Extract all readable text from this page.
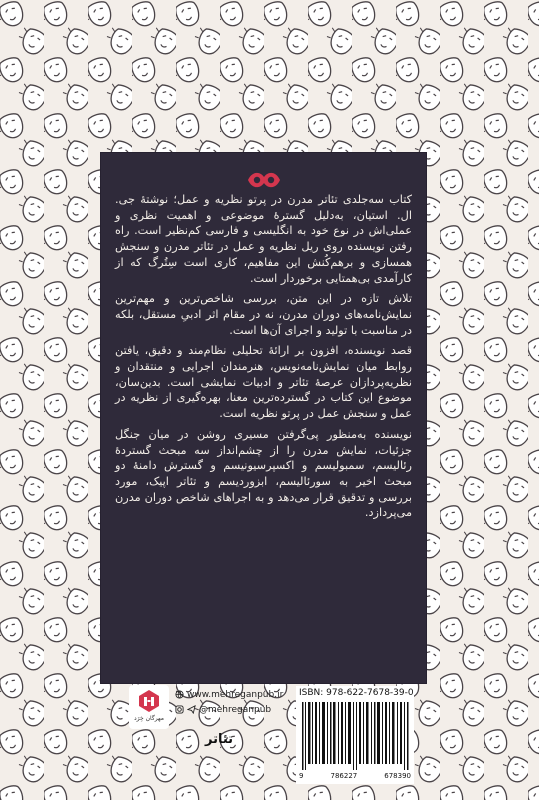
کتاب سه‌جلدی تئاتر مدرن در پرتو نظریه و عمل؛ نوشتهٔ جی. ال. استیان، به‌دلیل گسترهٔ موضوعی و اهمیت نظری و عملی‌اش در نوع خود به انگلیسی و فارسی کم‌نظیر است. راه رفتن نویسنده روی ریل نظریه و عمل در تئاتر مدرن و سنجش همسازی و برهم‌کُنش این مفاهیم، کاری است سِتُرگ که از کارآمدی بی‌همتایی برخوردار است.

تلاش تازه در این متن، بررسی شاخص‌ترین و مهم‌ترین نمایش‌نامه‌های دوران مدرن، نه در مقام اثر ادبیِ مستقل، بلکه در مناسبت با تولید و اجرای آن‌ها است.

قصد نویسنده، افزون بر ارائهٔ تحلیلی نظام‌مند و دقیق، یافتن روابط میان نمایش‌نامه‌نویس، هنرمندان اجرایی و منتقدان و نظریه‌پردازان عرصهٔ تئاتر و ادبیات نمایشی است. بدین‌سان، موضوع این کتاب در گسترده‌ترین معنا، بهره‌گیری از نظریه در عمل و سنجش عمل در پرتو نظریه است.

نویسنده به‌منظور پی‌گرفتن مسیری روشن در میان جنگل جزئیات، نمایش مدرن را از چشم‌انداز سه مبحث گستردهٔ رئالیسم، سمبولیسم و اکسپرسیونیسم و گسترش دامنهٔ دو مبحث اخیر به سورئالیسم، ابزوردیسم و تئاتر اپیک، مورد بررسی و تدقیق قرار می‌دهد و به اجراهای شاخص دوران مدرن می‌پردازد.

مهرگان خِرَد
www.mehreganpub.ir
@mehreganpub
تئاتر
ISBN: 978-622-7678-39-0
9	786227	678390
